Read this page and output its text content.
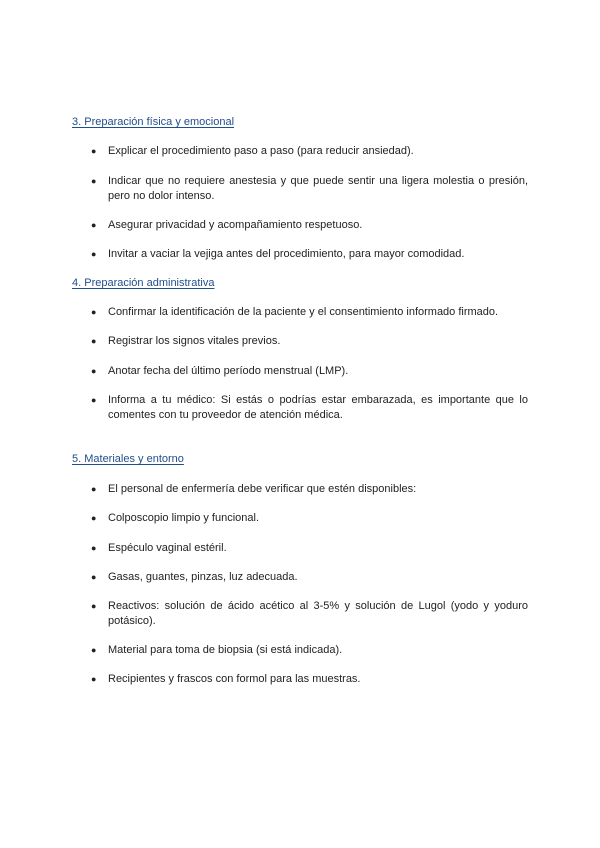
3. Preparación física y emocional

● Explicar el procedimiento paso a paso (para reducir ansiedad).

● Indicar que no requiere anestesia y que puede sentir una ligera molestia o presión, pero no dolor intenso.

● Asegurar privacidad y acompañamiento respetuoso.

● Invitar a vaciar la vejiga antes del procedimiento, para mayor comodidad.

4. Preparación administrativa

● Confirmar la identificación de la paciente y el consentimiento informado firmado.

● Registrar los signos vitales previos.

● Anotar fecha del último período menstrual (LMP).

● Informa a tu médico: Si estás o podrías estar embarazada, es importante que lo comentes con tu proveedor de atención médica.

5. Materiales y entorno

● El personal de enfermería debe verificar que estén disponibles:

● Colposcopio limpio y funcional.

● Espéculo vaginal estéril.

● Gasas, guantes, pinzas, luz adecuada.

● Reactivos: solución de ácido acético al 3-5% y solución de Lugol (yodo y yoduro potásico).

● Material para toma de biopsia (si está indicada).

● Recipientes y frascos con formol para las muestras.
